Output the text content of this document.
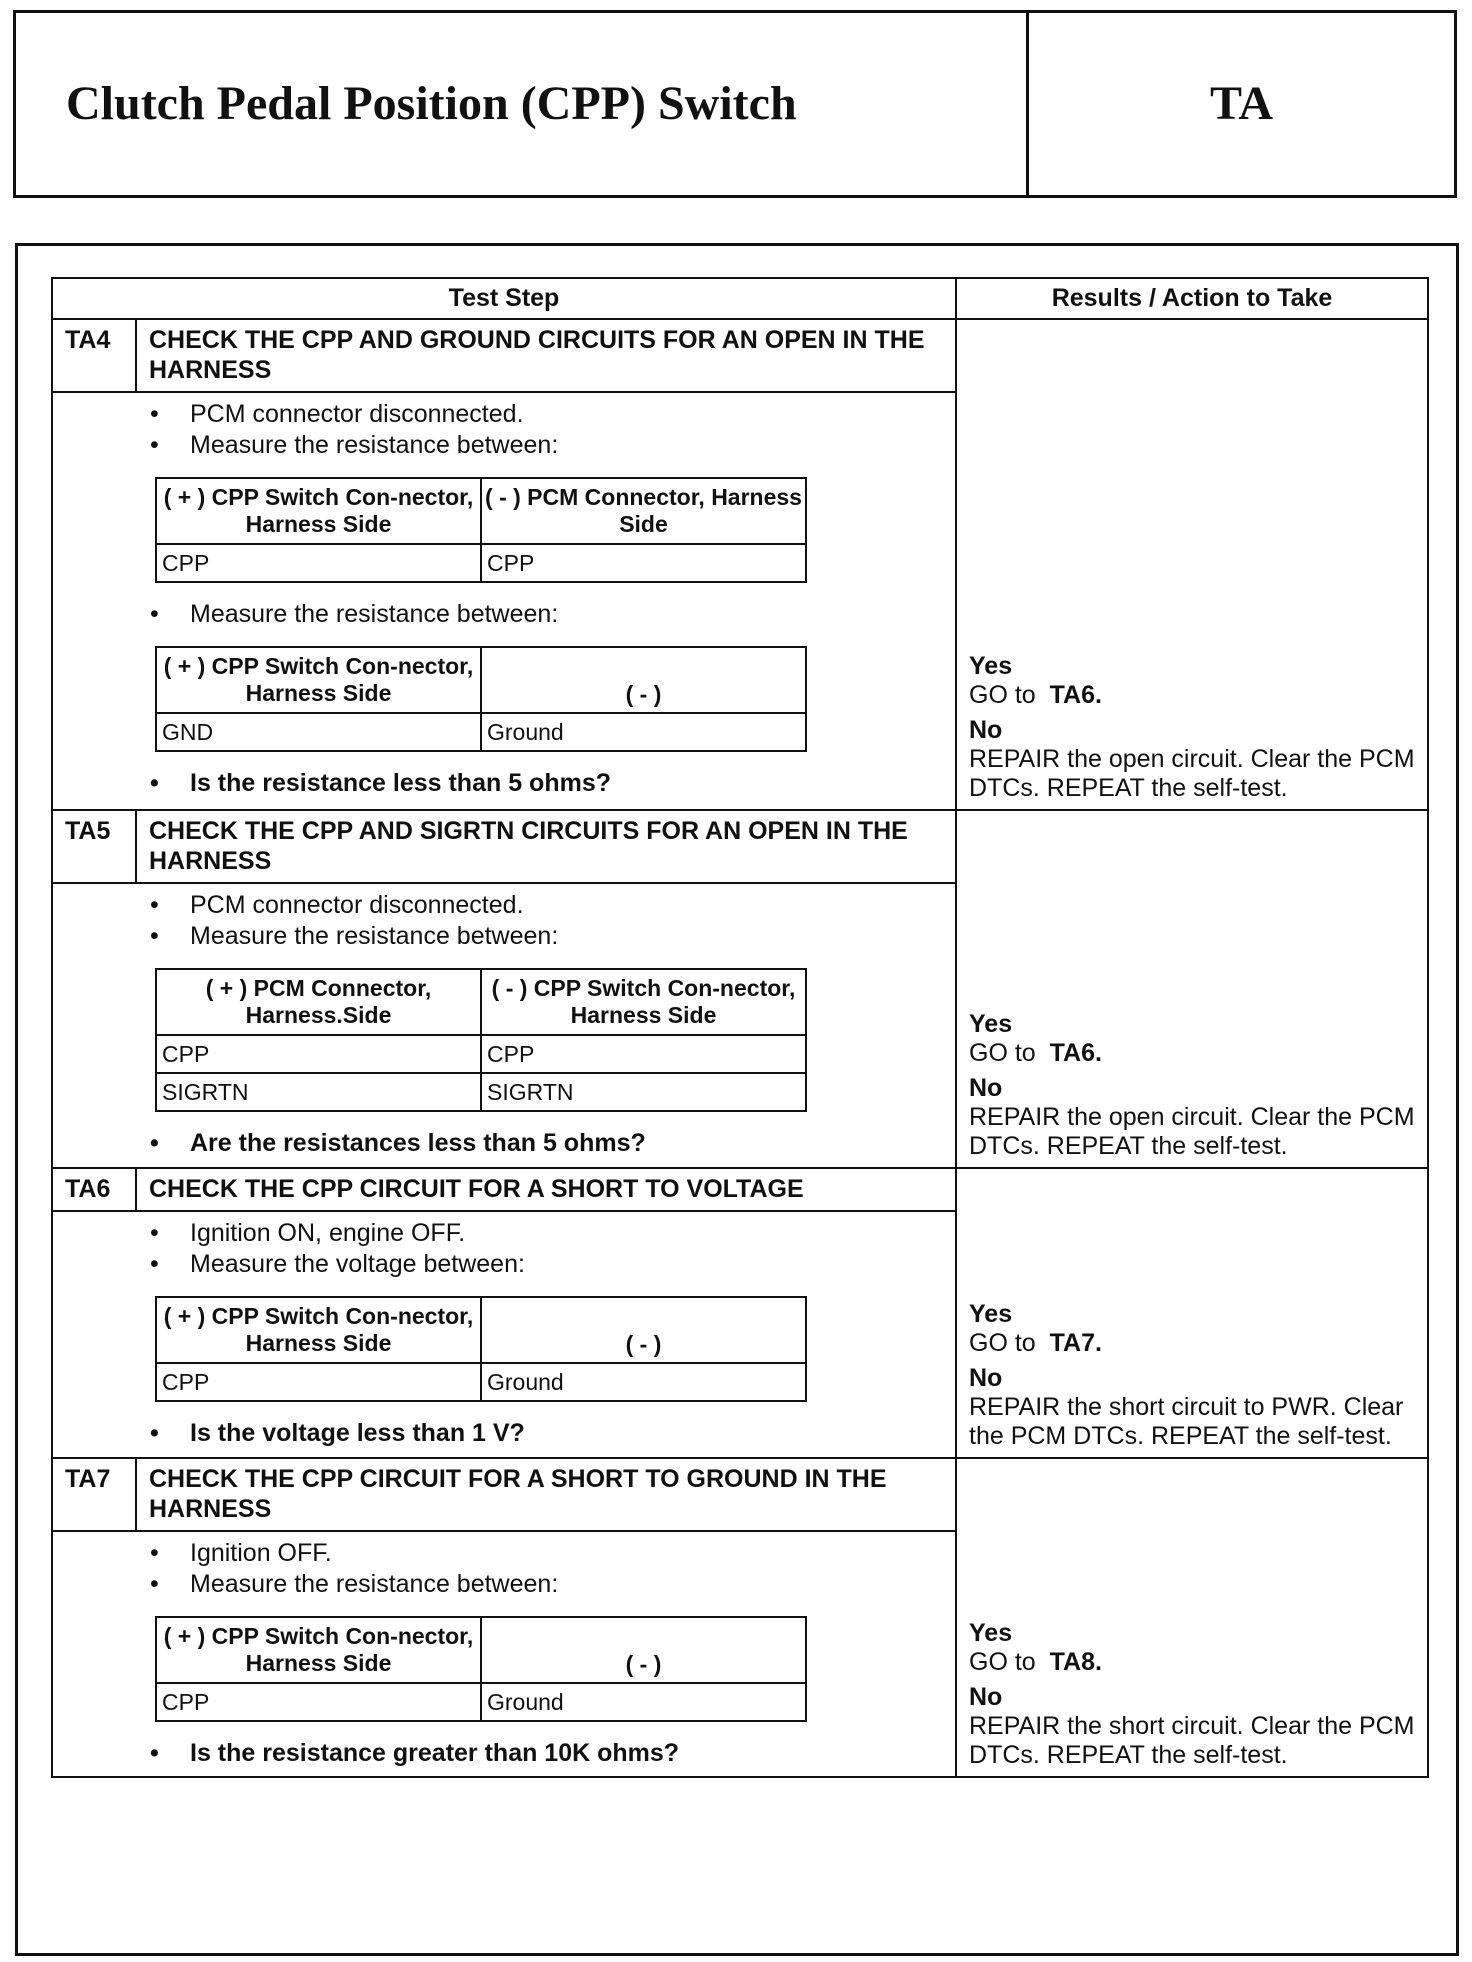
Clutch Pedal Position (CPP) Switch	TA
Test Step	Results / Action to Take
TA4	CHECK THE CPP AND GROUND CIRCUITS FOR AN OPEN IN THE HARNESS
•	PCM connector disconnected.
•	Measure the resistance between:
( + ) CPP Switch Con-nector, Harness Side	( - ) PCM Connector, Harness Side
CPP	CPP
•	Measure the resistance between:
( + ) CPP Switch Con-nector, Harness Side	( - )
GND	Ground
•	Is the resistance less than 5 ohms?
Yes
GO to TA6.
No
REPAIR the open circuit. Clear the PCM DTCs. REPEAT the self-test.
TA5	CHECK THE CPP AND SIGRTN CIRCUITS FOR AN OPEN IN THE HARNESS
•	PCM connector disconnected.
•	Measure the resistance between:
( + ) PCM Connector, Harness.Side	( - ) CPP Switch Con-nector, Harness Side
CPP	CPP
SIGRTN	SIGRTN
•	Are the resistances less than 5 ohms?
Yes
GO to TA6.
No
REPAIR the open circuit. Clear the PCM DTCs. REPEAT the self-test.
TA6	CHECK THE CPP CIRCUIT FOR A SHORT TO VOLTAGE
•	Ignition ON, engine OFF.
•	Measure the voltage between:
( + ) CPP Switch Con-nector, Harness Side	( - )
CPP	Ground
•	Is the voltage less than 1 V?
Yes
GO to TA7.
No
REPAIR the short circuit to PWR. Clear the PCM DTCs. REPEAT the self-test.
TA7	CHECK THE CPP CIRCUIT FOR A SHORT TO GROUND IN THE HARNESS
•	Ignition OFF.
•	Measure the resistance between:
( + ) CPP Switch Con-nector, Harness Side	( - )
CPP	Ground
•	Is the resistance greater than 10K ohms?
Yes
GO to TA8.
No
REPAIR the short circuit. Clear the PCM DTCs. REPEAT the self-test.
